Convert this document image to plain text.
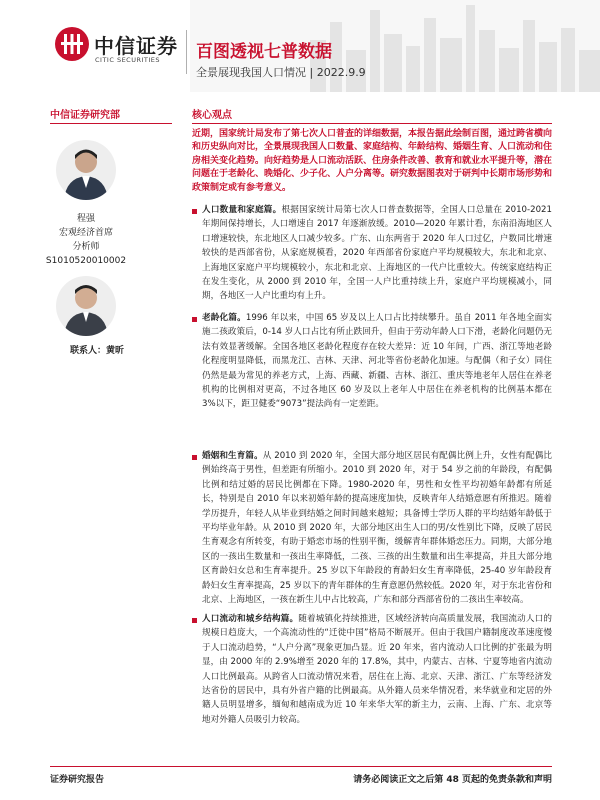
中信证券
CITIC SECURITIES 百图透视七普数据
全景展现我国人口情况 | 2022.9.9
中信证券研究部	核心观点
程强
宏观经济首席
分析师
S1010520010002
联系人：黄昕
近期，国家统计局发布了第七次人口普查的详细数据，本报告据此绘制百图，通过跨省横向和历史纵向对比，全景展现我国人口数量、家庭结构、年龄结构、婚姻生育、人口流动和住房相关变化趋势。向好趋势是人口流动活跃、住房条件改善、教育和就业水平提升等，潜在问题在于老龄化、晚婚化、少子化、人户分离等。研究数据图表对于研判中长期市场形势和政策制定或有参考意义。
人口数量和家庭篇。根据国家统计局第七次人口普查数据等，全国人口总量在 2010-2021 年期间保持增长，人口增速自 2017 年逐渐放缓。2010—2020 年累计看，东南沿海地区人口增速较快，东北地区人口减少较多。广东、山东两省于 2020 年人口过亿，户数同比增速较快的是西部省份，从家庭规模看，2020 年西部省份家庭户平均规模较大，东北和北京、上海地区家庭户平均规模较小，东北和北京、上海地区的一代户比重较大。传统家庭结构正在发生变化，从 2000 到 2010 年，全国一人户比重持续上升，家庭户平均规模减小，同期，各地区一人户比重均有上升。
老龄化篇。1996 年以来，中国 65 岁及以上人口占比持续攀升。虽自 2011 年各地全面实施二孩政策后，0-14 岁人口占比有所止跌回升，但由于劳动年龄人口下滑，老龄化问题仍无法有效显著缓解。全国各地区老龄化程度存在较大差异：近 10 年间，广西、浙江等地老龄化程度明显降低，而黑龙江、吉林、天津、河北等省份老龄化加速。与配偶（和子女）同住仍然是最为常见的养老方式，上海、西藏、新疆、吉林、浙江、重庆等地老年人居住在养老机构的比例相对更高，不过各地区 60 岁及以上老年人中居住在养老机构的比例基本都在 3%以下，距卫健委“9073”提法尚有一定差距。
婚姻和生育篇。从 2010 到 2020 年，全国大部分地区居民有配偶比例上升，女性有配偶比例始终高于男性，但差距有所缩小。2010 到 2020 年，对于 54 岁之前的年龄段，有配偶比例和结过婚的居民比例都在下降。1980-2020 年，男性和女性平均初婚年龄都有所延长，特别是自 2010 年以来初婚年龄的提高速度加快，反映青年人结婚意愿有所推迟。随着学历提升，年轻人从毕业到结婚之间时间越来越短；具备博士学历人群的平均结婚年龄低于平均毕业年龄。从 2010 到 2020 年，大部分地区出生人口的男/女性别比下降，反映了居民生育观念有所转变，有助于婚恋市场的性别平衡，缓解青年群体婚恋压力。同期，大部分地区的一孩出生数量和一孩出生率降低，二孩、三孩的出生数量和出生率提高，并且大部分地区育龄妇女总和生育率提升。25 岁以下年龄段的育龄妇女生育率降低，25-40 岁年龄段育龄妇女生育率提高，25 岁以下的青年群体的生育意愿仍然较低。2020 年，对于东北省份和北京、上海地区，一孩在新生儿中占比较高，广东和部分西部省份的二孩出生率较高。
人口流动和城乡结构篇。随着城镇化持续推进，区域经济转向高质量发展，我国流动人口的规模日趋庞大，一个高流动性的“迁徙中国”格局不断展开。但由于我国户籍制度改革速度慢于人口流动趋势，“人户分离”现象更加凸显。近 20 年来，省内流动人口比例的扩张最为明显，由 2000 年的 2.9%增至 2020 年的 17.8%，其中，内蒙古、吉林、宁夏等地省内流动人口比例最高。从跨省人口流动情况来看，居住在上海、北京、天津、浙江、广东等经济发达省份的居民中，具有外省户籍的比例最高。从外籍人员来华情况看，来华就业和定居的外籍人员明显增多，缅甸和越南成为近 10 年来华大军的新主力，云南、上海、广东、北京等地对外籍人员吸引力较高。
证券研究报告	请务必阅读正文之后第 48 页起的免责条款和声明
